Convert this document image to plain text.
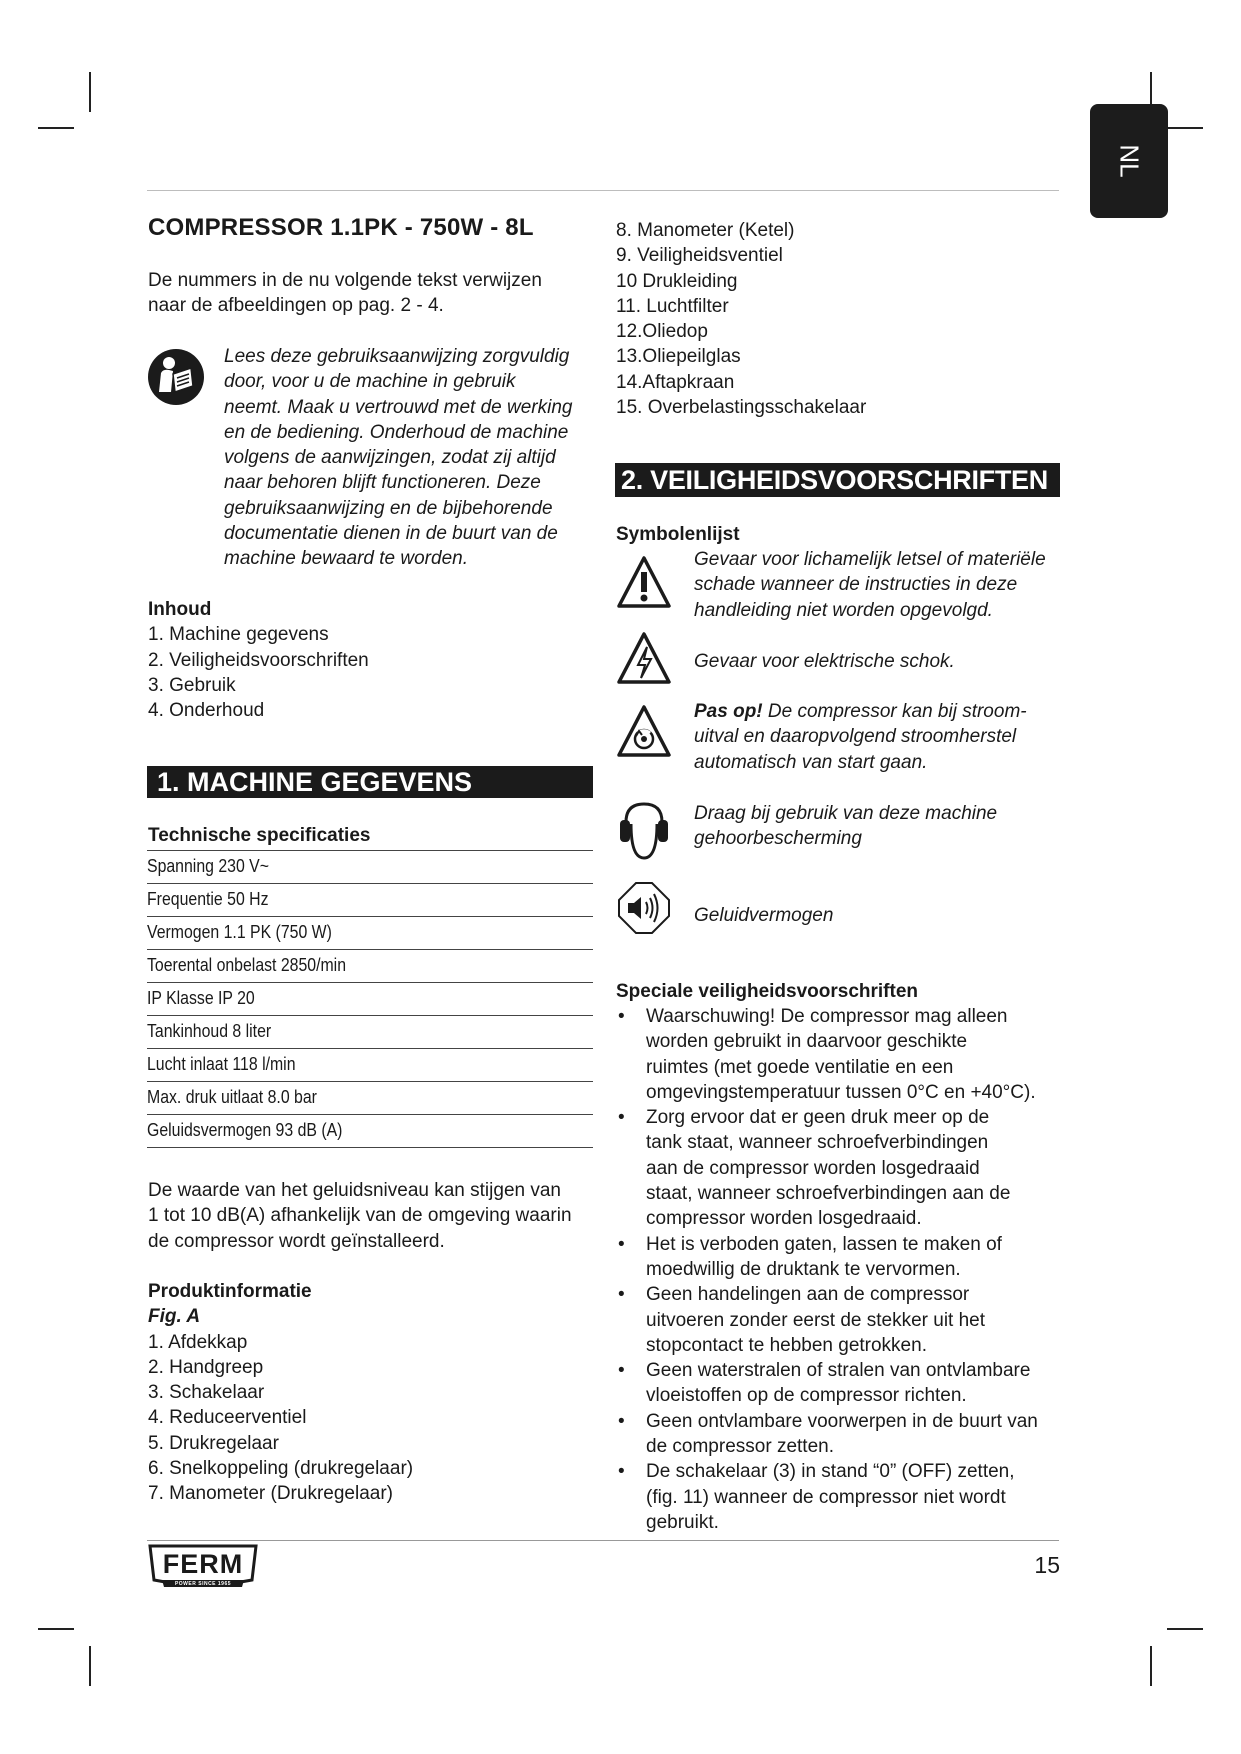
NL
COMPRESSOR 1.1PK - 750W - 8L
De nummers in de nu volgende tekst verwijzen
naar de afbeeldingen op pag. 2 - 4.
Lees deze gebruiksaanwijzing zorgvuldig
door, voor u de machine in gebruik
neemt. Maak u vertrouwd met de werking
en de bediening. Onderhoud de machine
volgens de aanwijzingen, zodat zij altijd
naar behoren blijft functioneren. Deze
gebruiksaanwijzing en de bijbehorende
documentatie dienen in de buurt van de
machine bewaard te worden.
Inhoud
1. Machine gegevens
2. Veiligheidsvoorschriften
3. Gebruik
4. Onderhoud
1. MACHINE GEGEVENS
Technische specificaties
Spanning 230 V~
Frequentie 50 Hz
Vermogen 1.1 PK (750 W)
Toerental onbelast 2850/min
IP Klasse IP 20
Tankinhoud 8 liter
Lucht inlaat 118 l/min
Max. druk uitlaat 8.0 bar
Geluidsvermogen 93 dB (A)
De waarde van het geluidsniveau kan stijgen van
1 tot 10 dB(A) afhankelijk van de omgeving waarin
de compressor wordt geïnstalleerd.
Produktinformatie
Fig. A
1. Afdekkap
2. Handgreep
3. Schakelaar
4. Reduceerventiel
5. Drukregelaar
6. Snelkoppeling (drukregelaar)
7. Manometer (Drukregelaar)
8. Manometer (Ketel)
9. Veiligheidsventiel
10 Drukleiding
11. Luchtfilter
12.Oliedop
13.Oliepeilglas
14.Aftapkraan
15. Overbelastingsschakelaar
2. VEILIGHEIDSVOORSCHRIFTEN
Symbolenlijst
Gevaar voor lichamelijk letsel of materiële
schade wanneer de instructies in deze
handleiding niet worden opgevolgd.
Gevaar voor elektrische schok.
Pas op! De compressor kan bij stroom-
uitval en daaropvolgend stroomherstel
automatisch van start gaan.
Draag bij gebruik van deze machine
gehoorbescherming
Geluidvermogen
Speciale veiligheidsvoorschriften
• Waarschuwing! De compressor mag alleen
worden gebruikt in daarvoor geschikte
ruimtes (met goede ventilatie en een
omgevingstemperatuur tussen 0°C en +40°C).
• Zorg ervoor dat er geen druk meer op de
tank staat, wanneer schroefverbindingen
aan de compressor worden losgedraaid
staat, wanneer schroefverbindingen aan de
compressor worden losgedraaid.
• Het is verboden gaten, lassen te maken of
moedwillig de druktank te vervormen.
• Geen handelingen aan de compressor
uitvoeren zonder eerst de stekker uit het
stopcontact te hebben getrokken.
• Geen waterstralen of stralen van ontvlambare
vloeistoffen op de compressor richten.
• Geen ontvlambare voorwerpen in de buurt van
de compressor zetten.
• De schakelaar (3) in stand “0” (OFF) zetten,
(fig. 11) wanneer de compressor niet wordt
gebruikt.
FERM
POWER SINCE 1965
15
